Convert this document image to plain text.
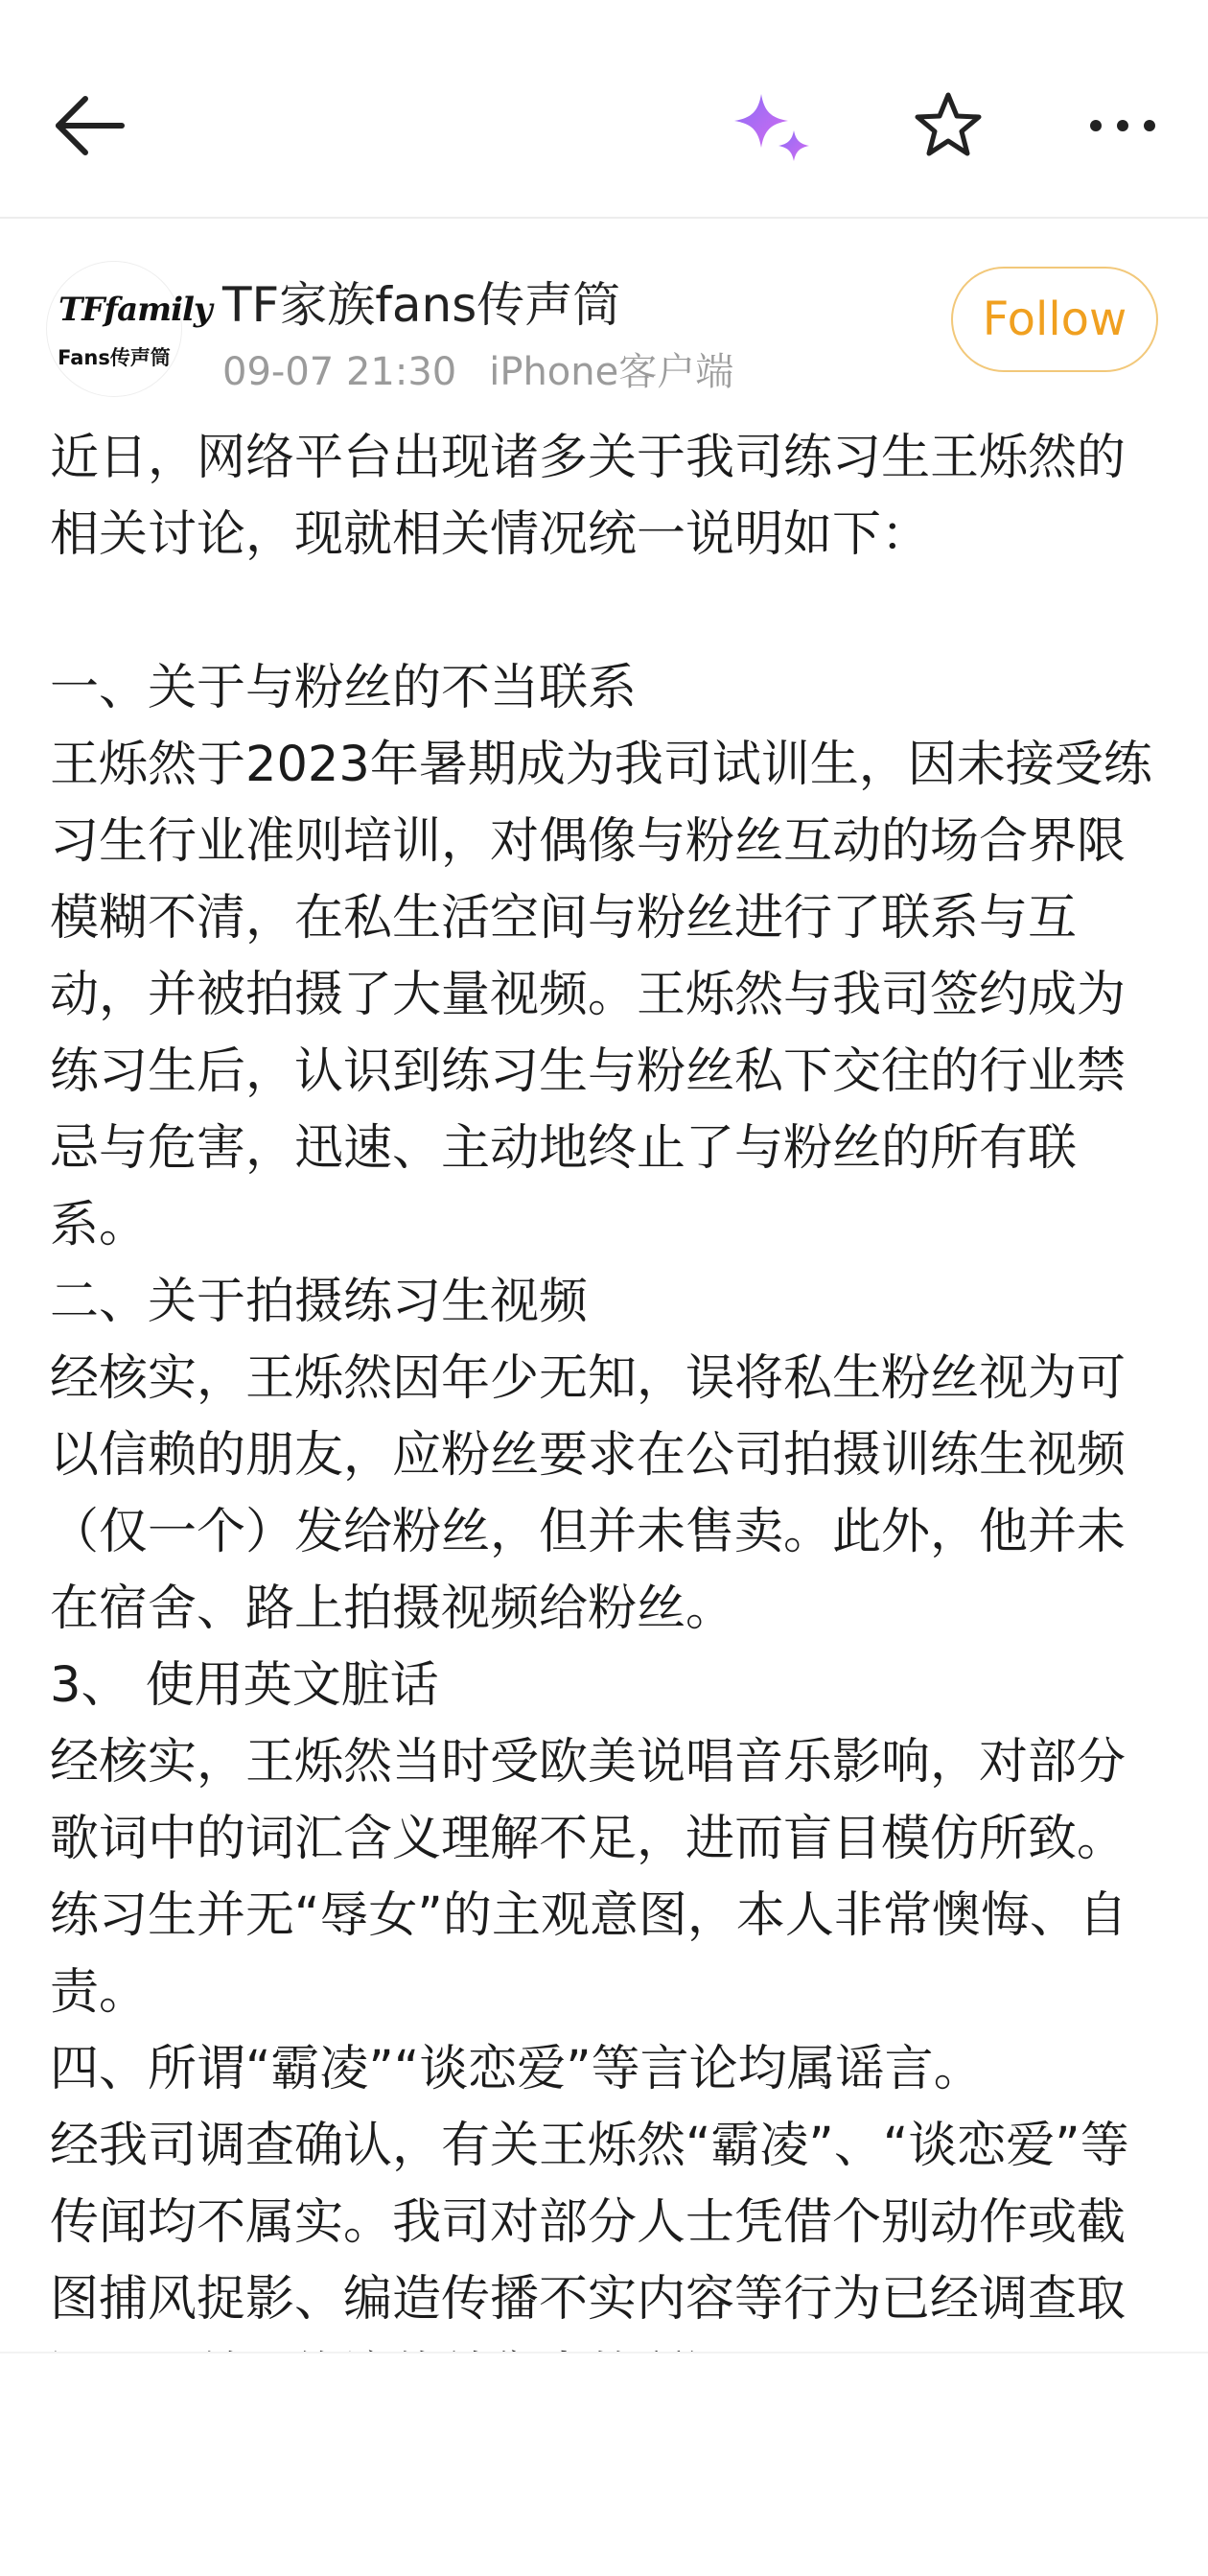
TFfamily
Fans传声筒
TF家族fans传声筒
09-07 21:30 iPhone客户端
Follow

近日，网络平台出现诸多关于我司练习生王烁然的相关讨论，现就相关情况统一说明如下：

一、关于与粉丝的不当联系

王烁然于2023年暑期成为我司试训生，因未接受练习生行业准则培训，对偶像与粉丝互动的场合界限模糊不清，在私生活空间与粉丝进行了联系与互动，并被拍摄了大量视频。王烁然与我司签约成为练习生后，认识到练习生与粉丝私下交往的行业禁忌与危害，迅速、主动地终止了与粉丝的所有联系。

二、关于拍摄练习生视频

经核实，王烁然因年少无知，误将私生粉丝视为可以信赖的朋友，应粉丝要求在公司拍摄训练生视频（仅一个）发给粉丝，但并未售卖。此外，他并未在宿舍、路上拍摄视频给粉丝。

3、 使用英文脏话

经核实，王烁然当时受欧美说唱音乐影响，对部分歌词中的词汇含义理解不足，进而盲目模仿所致。练习生并无“辱女”的主观意图，本人非常懊悔、自责。

四、所谓“霸凌”“谈恋爱”等言论均属谣言。

经我司调查确认，有关王烁然“霸凌”、“谈恋爱”等传闻均不属实。我司对部分人士凭借个别动作或截图捕风捉影、编造传播不实内容等行为已经调查取
